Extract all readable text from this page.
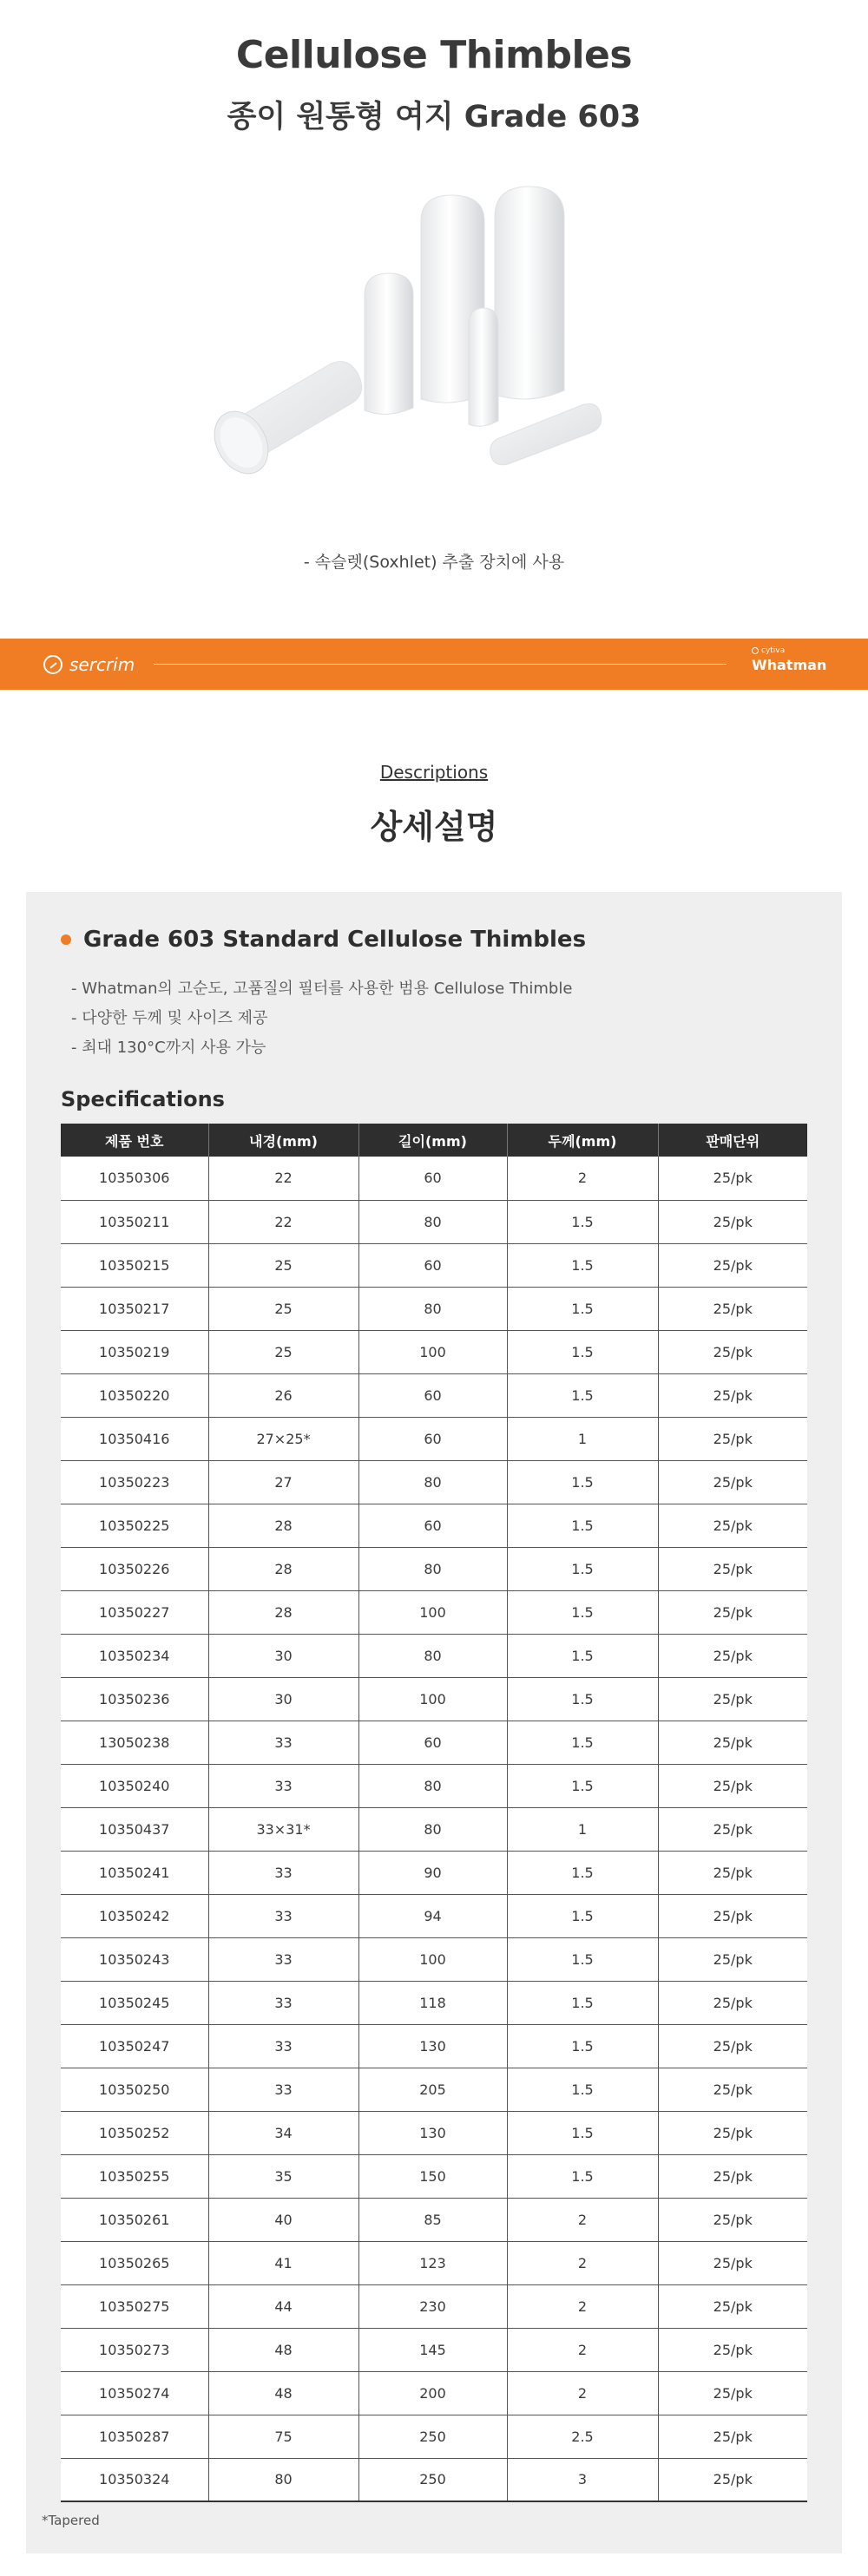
Cellulose Thimbles
종이 원통형 여지 Grade 603

- 속슬렛(Soxhlet) 추출 장치에 사용

sercrim
cytiva
Whatman
Descriptions
상세설명
Grade 603 Standard Cellulose Thimbles
- Whatman의 고순도, 고품질의 필터를 사용한 범용 Cellulose Thimble
- 다양한 두께 및 사이즈 제공
- 최대 130°C까지 사용 가능
Specifications
제품 번호	내경(mm)	길이(mm)	두께(mm)	판매단위
10350306	22	60	2	25/pk
10350211	22	80	1.5	25/pk
10350215	25	60	1.5	25/pk
10350217	25	80	1.5	25/pk
10350219	25	100	1.5	25/pk
10350220	26	60	1.5	25/pk
10350416	27×25*	60	1	25/pk
10350223	27	80	1.5	25/pk
10350225	28	60	1.5	25/pk
10350226	28	80	1.5	25/pk
10350227	28	100	1.5	25/pk
10350234	30	80	1.5	25/pk
10350236	30	100	1.5	25/pk
13050238	33	60	1.5	25/pk
10350240	33	80	1.5	25/pk
10350437	33×31*	80	1	25/pk
10350241	33	90	1.5	25/pk
10350242	33	94	1.5	25/pk
10350243	33	100	1.5	25/pk
10350245	33	118	1.5	25/pk
10350247	33	130	1.5	25/pk
10350250	33	205	1.5	25/pk
10350252	34	130	1.5	25/pk
10350255	35	150	1.5	25/pk
10350261	40	85	2	25/pk
10350265	41	123	2	25/pk
10350275	44	230	2	25/pk
10350273	48	145	2	25/pk
10350274	48	200	2	25/pk
10350287	75	250	2.5	25/pk
10350324	80	250	3	25/pk
*Tapered
